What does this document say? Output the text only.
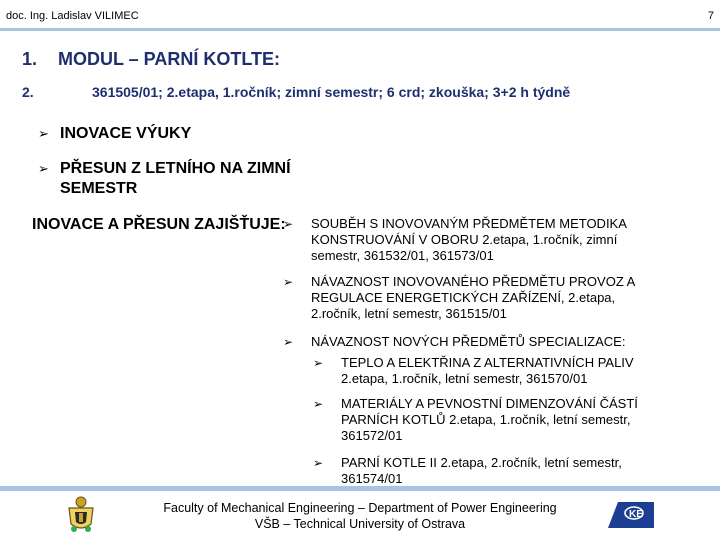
doc. Ing. Ladislav VILIMEC	7
1.	MODUL – PARNÍ KOTLTE:
2.	361505/01; 2.etapa, 1.ročník; zimní semestr; 6 crd; zkouška; 3+2 h týdně
➢ INOVACE VÝUKY
➢ PŘESUN Z LETNÍHO NA ZIMNÍ SEMESTR
INOVACE A PŘESUN ZAJIŠŤUJE:
➢	SOUBĚH S INOVOVANÝM PŘEDMĚTEM METODIKA KONSTRUOVÁNÍ V OBORU 2.etapa, 1.ročník, zimní semestr, 361532/01, 361573/01
➢	NÁVAZNOST INOVOVANÉHO PŘEDMĚTU PROVOZ A REGULACE ENERGETICKÝCH ZAŘÍZENÍ, 2.etapa, 2.ročník, letní semestr, 361515/01
➢	NÁVAZNOST NOVÝCH PŘEDMĚTŮ SPECIALIZACE:
➢	TEPLO A ELEKTŘINA Z ALTERNATIVNÍCH PALIV 2.etapa, 1.ročník, letní semestr, 361570/01
➢	MATERIÁLY A PEVNOSTNÍ DIMENZOVÁNÍ ČÁSTÍ PARNÍCH KOTLŮ 2.etapa, 1.ročník, letní semestr, 361572/01
➢	PARNÍ KOTLE II 2.etapa, 2.ročník, letní semestr, 361574/01
Faculty of Mechanical Engineering – Department of Power Engineering
VŠB – Technical University of Ostrava
KE
